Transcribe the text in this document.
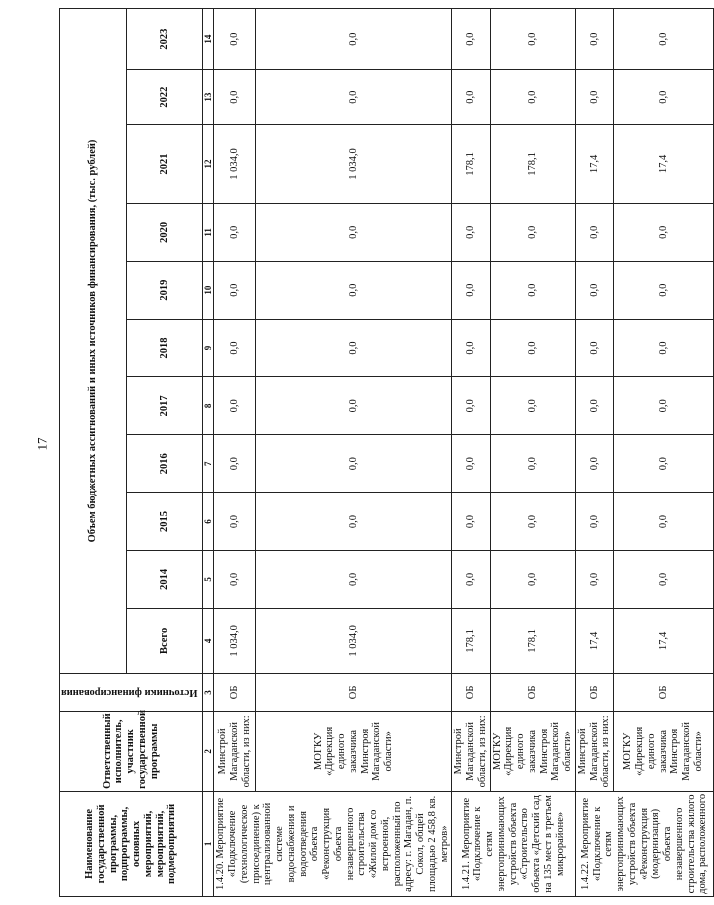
17
Наименование государственной программы, подпрограммы, основных мероприятий, мероприятий, подмероприятий	Ответственный исполнитель, участник государственной программы	Источники финансирования	Объем бюджетных ассигнований и иных источников финансирования, (тыс. рублей)										
			Всего	2014	2015	2016	2017	2018	2019	2020	2021	2022	2023
1	2	3	4	5	6	7	8	9	10	11	12	13	14
1.4.20. Мероприятие «Подключение (технологическое присоединение) к централизованной системе водоснабжения и водоотведения объекта «Реконструкция объекта незавершенного строительства «Жилой дом со встроенной, расположенный по адресу: г. Магадан, п. Сокол, общей площадью 2 458,8 кв. метров»	Минстрой Магаданской области, из них:	ОБ	1 034,0	0,0	0,0	0,0	0,0	0,0	0,0	0,0	1 034,0	0,0	0,0
	МОГКУ «Дирекция единого заказчика Минстроя Магаданской области»	ОБ	1 034,0	0,0	0,0	0,0	0,0	0,0	0,0	0,0	1 034,0	0,0	0,0
1.4.21. Мероприятие «Подключение к сетям энергопринимающих устройств объекта «Строительство объекта «Детский сад на 135 мест в третьем микрорайоне»	Минстрой Магаданской области, из них:	ОБ	178,1	0,0	0,0	0,0	0,0	0,0	0,0	0,0	178,1	0,0	0,0
	МОГКУ «Дирекция единого заказчика Минстроя Магаданской области»	ОБ	178,1	0,0	0,0	0,0	0,0	0,0	0,0	0,0	178,1	0,0	0,0
1.4.22. Мероприятие «Подключение к сетям энергопринимающих устройств объекта «Реконструкция (модернизация) объекта незавершенного строительства жилого дома, расположенного	Минстрой Магаданской области, из них:	ОБ	17,4	0,0	0,0	0,0	0,0	0,0	0,0	0,0	17,4	0,0	0,0
	МОГКУ «Дирекция единого заказчика Минстроя Магаданской области»	ОБ	17,4	0,0	0,0	0,0	0,0	0,0	0,0	0,0	17,4	0,0	0,0
